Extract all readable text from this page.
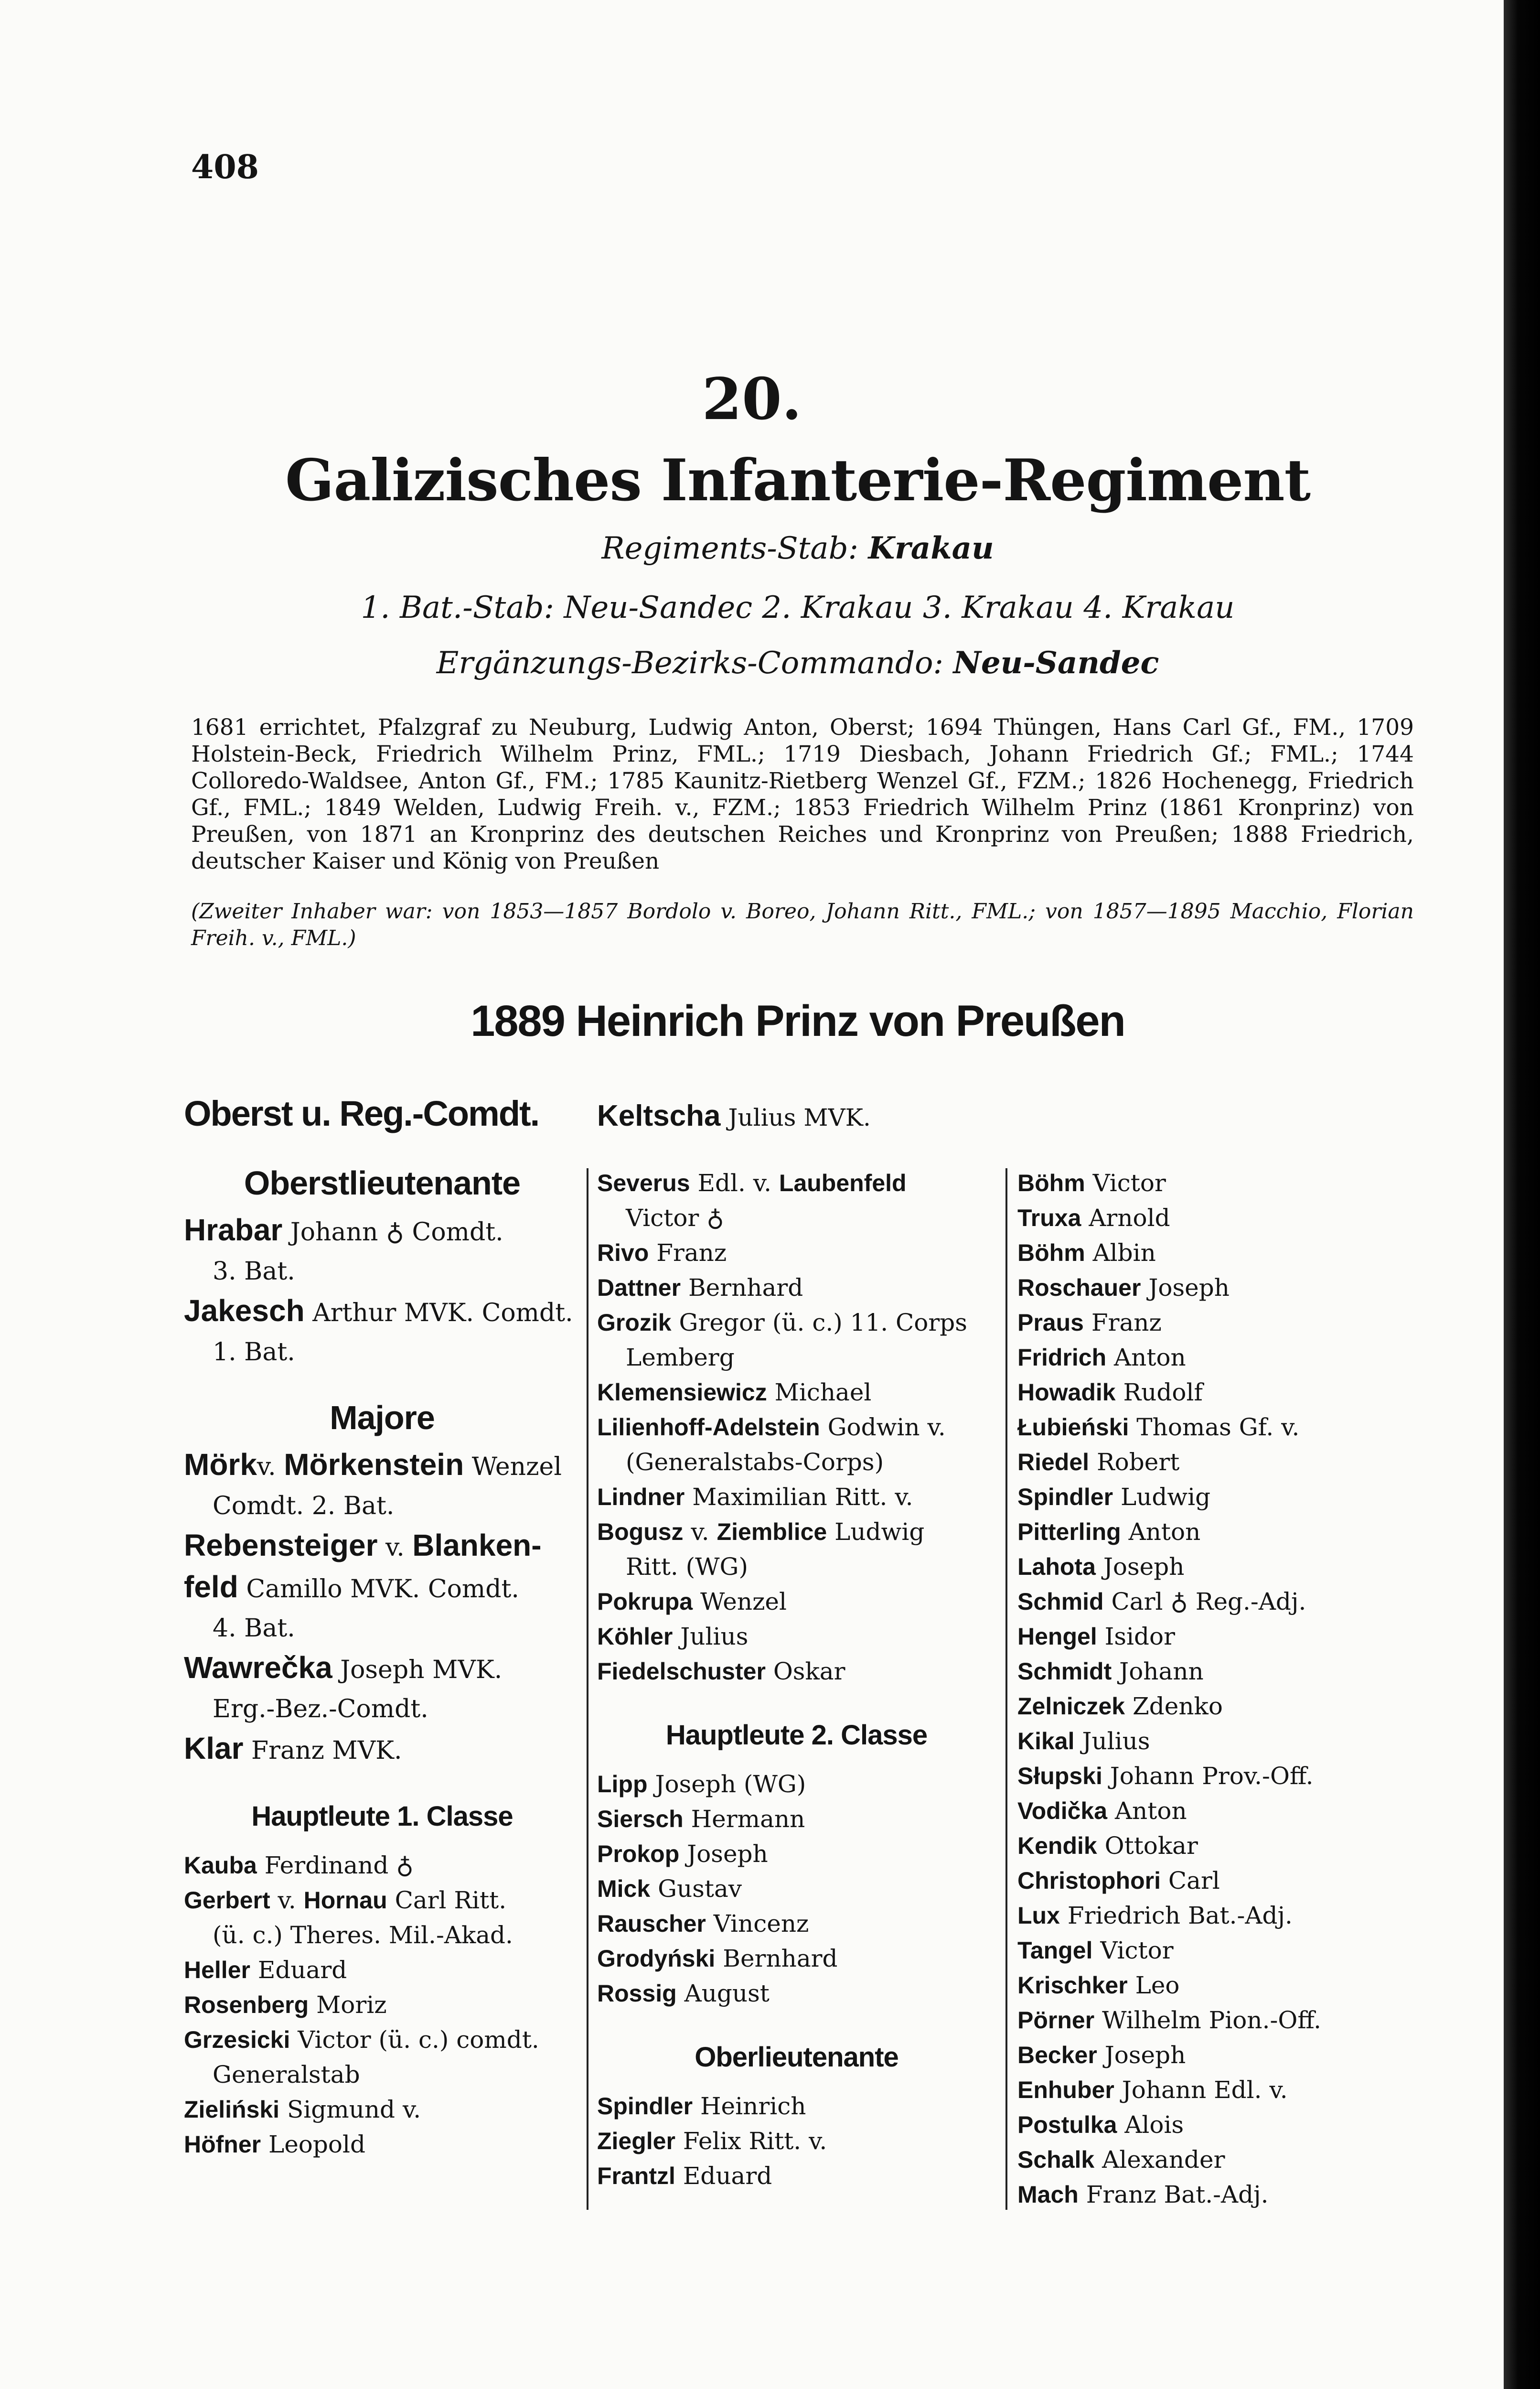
408
20.
Galizisches Infanterie-Regiment
Regiments-Stab: Krakau
1. Bat.-Stab: Neu-Sandec 2. Krakau 3. Krakau 4. Krakau
Ergänzungs-Bezirks-Commando: Neu-Sandec
1681 errichtet, Pfalzgraf zu Neuburg, Ludwig Anton, Oberst; 1694 Thüngen, Hans Carl Gf., FM., 1709 Holstein-Beck, Friedrich Wilhelm Prinz, FML.; 1719 Diesbach, Johann Friedrich Gf.; FML.; 1744 Colloredo-Waldsee, Anton Gf., FM.; 1785 Kaunitz-Rietberg Wenzel Gf., FZM.; 1826 Hochenegg, Friedrich Gf., FML.; 1849 Welden, Ludwig Freih. v., FZM.; 1853 Friedrich Wilhelm Prinz (1861 Kronprinz) von Preußen, von 1871 an Kronprinz des deutschen Reiches und Kronprinz von Preußen; 1888 Friedrich, deutscher Kaiser und König von Preußen
(Zweiter Inhaber war: von 1853—1857 Bordolo v. Boreo, Johann Ritt., FML.; von 1857—1895 Macchio, Florian Freih. v., FML.)
1889 Heinrich Prinz von Preußen
Oberst u. Reg.-Comdt. Keltscha Julius MVK.
Oberstlieutenante
Hrabar Johann ♁ Comdt.
3. Bat.
Jakesch Arthur MVK. Comdt.
1. Bat.
Majore
Mörkv. Mörkenstein Wenzel
Comdt. 2. Bat.
Rebensteiger v. Blanken-
feld Camillo MVK. Comdt.
4. Bat.
Wawrečka Joseph MVK.
Erg.-Bez.-Comdt.
Klar Franz MVK.
Hauptleute 1. Classe
Kauba Ferdinand ♁
Gerbert v. Hornau Carl Ritt.
(ü. c.) Theres. Mil.-Akad.
Heller Eduard
Rosenberg Moriz
Grzesicki Victor (ü. c.) comdt.
Generalstab
Zieliński Sigmund v.
Höfner Leopold
Severus Edl. v. Laubenfeld
Victor ♁
Rivo Franz
Dattner Bernhard
Grozik Gregor (ü. c.) 11. Corps
Lemberg
Klemensiewicz Michael
Lilienhoff-Adelstein Godwin v.
(Generalstabs-Corps)
Lindner Maximilian Ritt. v.
Bogusz v. Ziemblice Ludwig
Ritt. (WG)
Pokrupa Wenzel
Köhler Julius
Fiedelschuster Oskar
Hauptleute 2. Classe
Lipp Joseph (WG)
Siersch Hermann
Prokop Joseph
Mick Gustav
Rauscher Vincenz
Grodyński Bernhard
Rossig August
Oberlieutenante
Spindler Heinrich
Ziegler Felix Ritt. v.
Frantzl Eduard
Böhm Victor
Truxa Arnold
Böhm Albin
Roschauer Joseph
Praus Franz
Fridrich Anton
Howadik Rudolf
Łubieński Thomas Gf. v.
Riedel Robert
Spindler Ludwig
Pitterling Anton
Lahota Joseph
Schmid Carl ♁ Reg.-Adj.
Hengel Isidor
Schmidt Johann
Zelniczek Zdenko
Kikal Julius
Słupski Johann Prov.-Off.
Vodička Anton
Kendik Ottokar
Christophori Carl
Lux Friedrich Bat.-Adj.
Tangel Victor
Krischker Leo
Pörner Wilhelm Pion.-Off.
Becker Joseph
Enhuber Johann Edl. v.
Postulka Alois
Schalk Alexander
Mach Franz Bat.-Adj.
